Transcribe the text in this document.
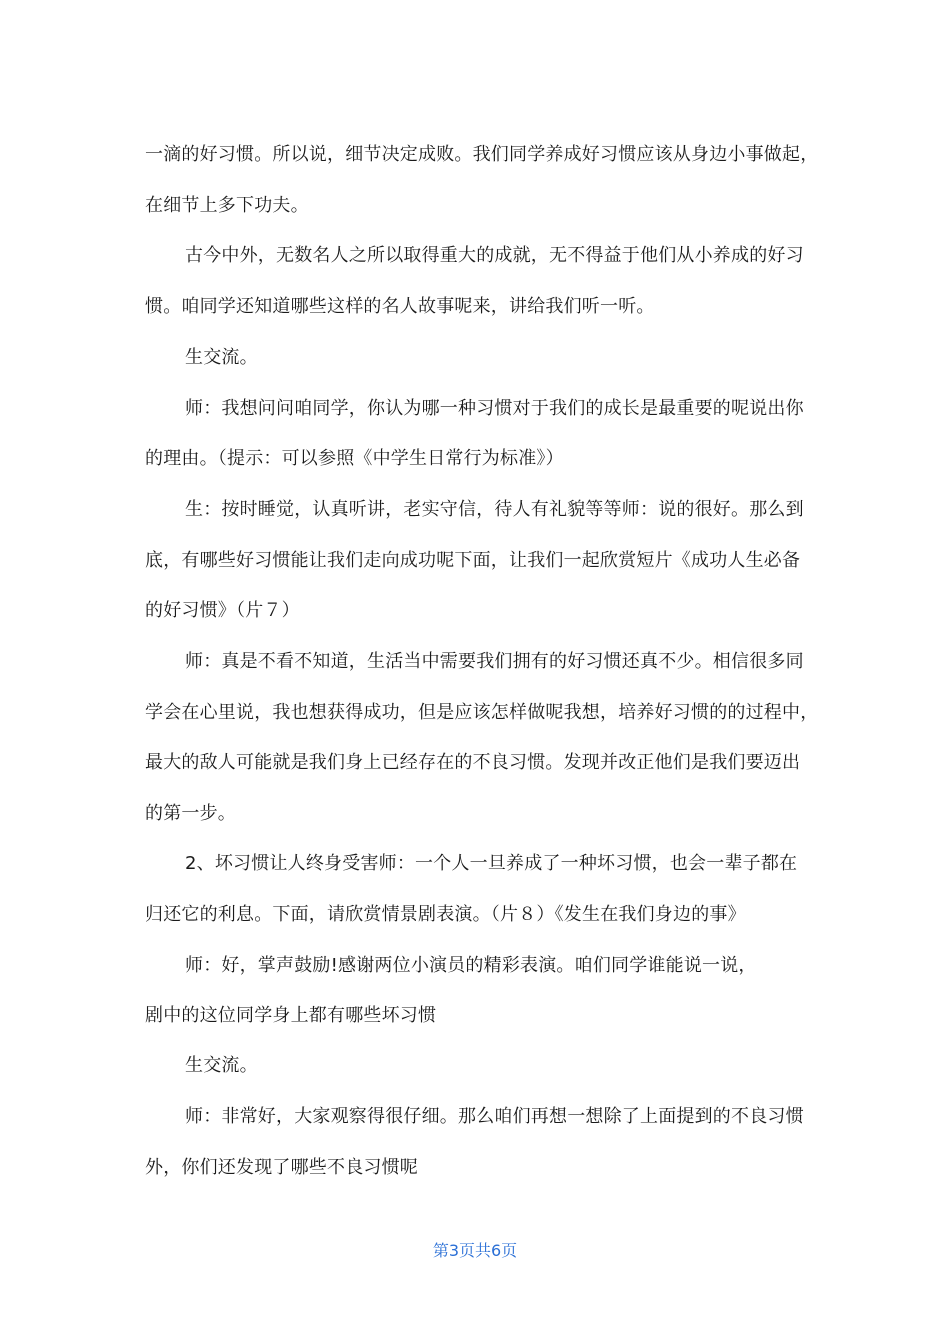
一滴的好习惯。所以说，细节决定成败。我们同学养成好习惯应该从身边小事做起，
在细节上多下功夫。
古今中外，无数名人之所以取得重大的成就，无不得益于他们从小养成的好习
惯。咱同学还知道哪些这样的名人故事呢来，讲给我们听一听。
生交流。
师：我想问问咱同学，你认为哪一种习惯对于我们的成长是最重要的呢说出你
的理由。（提示：可以参照《中学生日常行为标准》）
生：按时睡觉，认真听讲，老实守信，待人有礼貌等等师：说的很好。那么到
底，有哪些好习惯能让我们走向成功呢下面，让我们一起欣赏短片《成功人生必备
的好习惯》（片７）
师：真是不看不知道，生活当中需要我们拥有的好习惯还真不少。相信很多同
学会在心里说，我也想获得成功，但是应该怎样做呢我想，培养好习惯的的过程中，
最大的敌人可能就是我们身上已经存在的不良习惯。发现并改正他们是我们要迈出
的第一步。
2、坏习惯让人终身受害师：一个人一旦养成了一种坏习惯，也会一辈子都在
归还它的利息。下面，请欣赏情景剧表演。（片８）《发生在我们身边的事》
师：好，掌声鼓励!感谢两位小演员的精彩表演。咱们同学谁能说一说，
剧中的这位同学身上都有哪些坏习惯
生交流。
师：非常好，大家观察得很仔细。那么咱们再想一想除了上面提到的不良习惯
外，你们还发现了哪些不良习惯呢
第3页共6页
